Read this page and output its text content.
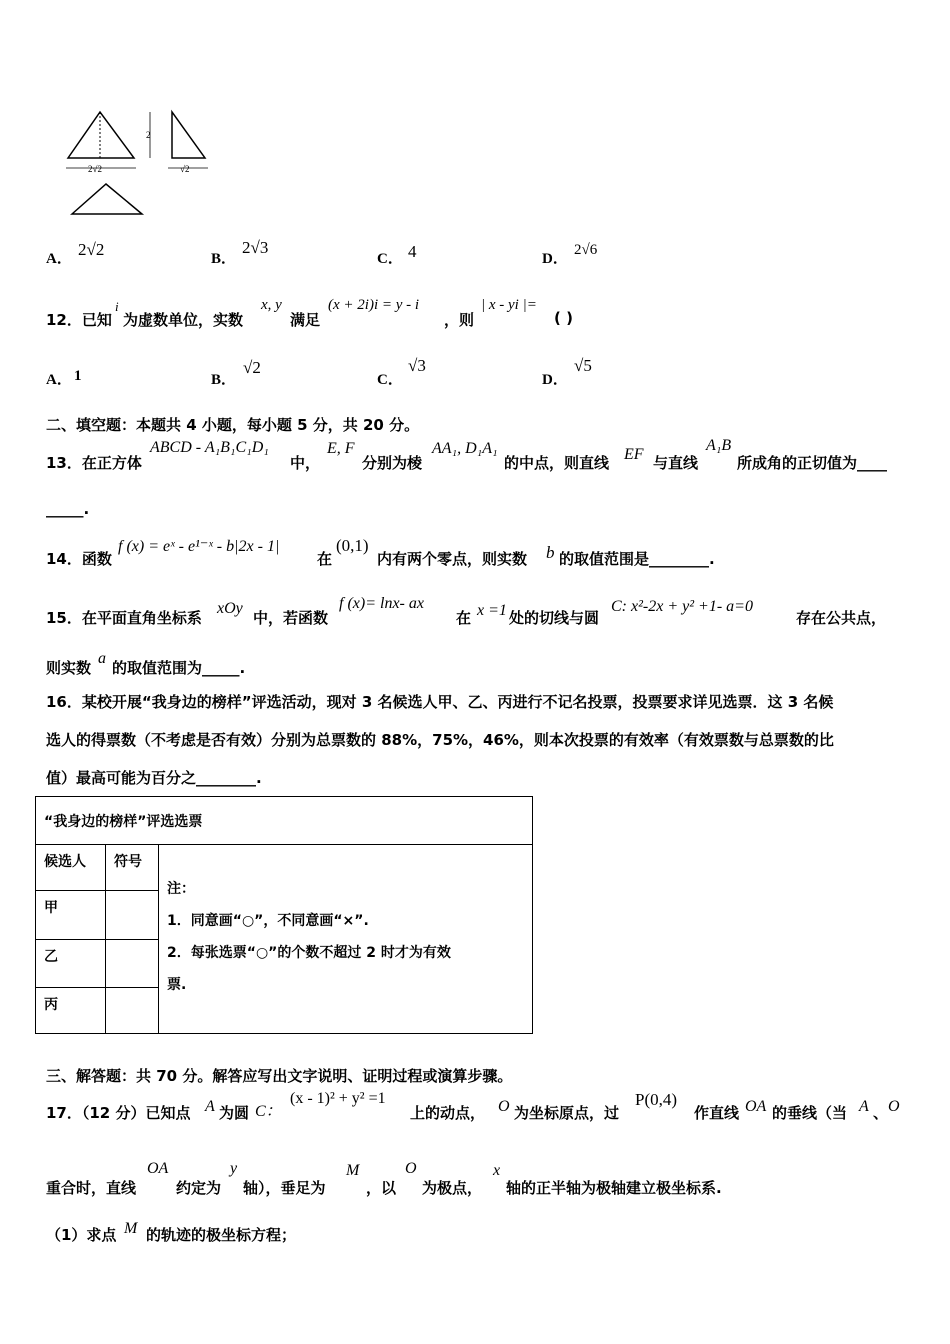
2√2
2
√2
A． 2√2	B．
2√3
C． 4	D．
2√6
12．已知
i
为虚数单位，实数
x, y
满足
(x + 2i)i = y - i
，则
| x - yi |=
( )
A． 1	B．
√2
C．
√3
D．
√5
二、填空题：本题共 4 小题，每小题 5 分，共 20 分。
13．在正方体
ABCD - A₁B₁C₁D₁
中，
E, F
分别为棱
AA₁, D₁A₁
的中点，则直线 EF 与直线
A₁B
所成角的正切值为____
_____.
14．函数
f (x) = eˣ - e¹⁻ˣ - b|2x - 1|
在
(0,1)
内有两个零点，则实数 b 的取值范围是________.
15．在平面直角坐标系
xOy
中，若函数
f (x)= lnx- ax
在 x =1 处的切线与圆
C: x²-2x + y² +1- a=0
存在公共点，
则实数
a
的取值范围为_____.
16．某校开展“我身边的榜样”评选活动，现对 3 名候选人甲、乙、丙进行不记名投票，投票要求详见选票．这 3 名候
选人的得票数（不考虑是否有效）分别为总票数的 88%，75%，46%，则本次投票的有效率（有效票数与总票数的比
值）最高可能为百分之________.
“我身边的榜样”评选选票		
候选人	符号	注：
1．同意画“○”，不同意画“×”.
2．每张选票“○”的个数不超过 2 时才为有效
票.

甲		
乙		
丙		
三、解答题：共 70 分。解答应写出文字说明、证明过程或演算步骤。
17．（12 分）已知点 A 为圆 C：
(x - 1)² + y² =1
上的动点， O 为坐标原点，过
P(0,4)
作直线 OA 的垂线（当 A 、 O
重合时，直线
OA
约定为
y
轴），垂足为
M
，以
O
为极点，
x
轴的正半轴为极轴建立极坐标系.
（1）求点 M 的轨迹的极坐标方程；
